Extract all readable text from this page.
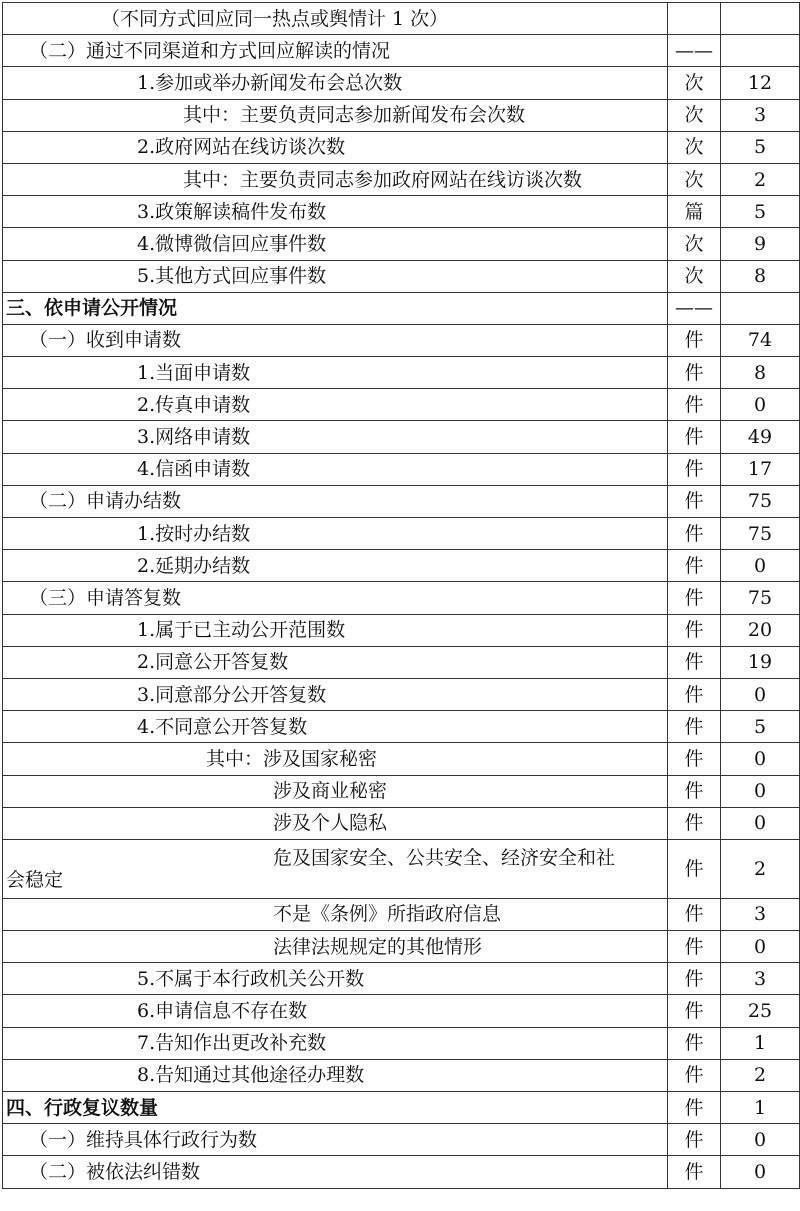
（不同方式回应同一热点或舆情计 1 次）		
（二）通过不同渠道和方式回应解读的情况	——	
1.参加或举办新闻发布会总次数	次	12
其中：主要负责同志参加新闻发布会次数	次	3
2.政府网站在线访谈次数	次	5
其中：主要负责同志参加政府网站在线访谈次数	次	2
3.政策解读稿件发布数	篇	5
4.微博微信回应事件数	次	9
5.其他方式回应事件数	次	8
三、依申请公开情况	——	
（一）收到申请数	件	74
1.当面申请数	件	8
2.传真申请数	件	0
3.网络申请数	件	49
4.信函申请数	件	17
（二）申请办结数	件	75
1.按时办结数	件	75
2.延期办结数	件	0
（三）申请答复数	件	75
1.属于已主动公开范围数	件	20
2.同意公开答复数	件	19
3.同意部分公开答复数	件	0
4.不同意公开答复数	件	5
其中：涉及国家秘密	件	0
涉及商业秘密	件	0
涉及个人隐私	件	0

危及国家安全、公共安全、经济安全和社
会稳定	件	2
不是《条例》所指政府信息	件	3
法律法规规定的其他情形	件	0
5.不属于本行政机关公开数	件	3
6.申请信息不存在数	件	25
7.告知作出更改补充数	件	1
8.告知通过其他途径办理数	件	2
四、行政复议数量	件	1
（一）维持具体行政行为数	件	0
（二）被依法纠错数	件	0
